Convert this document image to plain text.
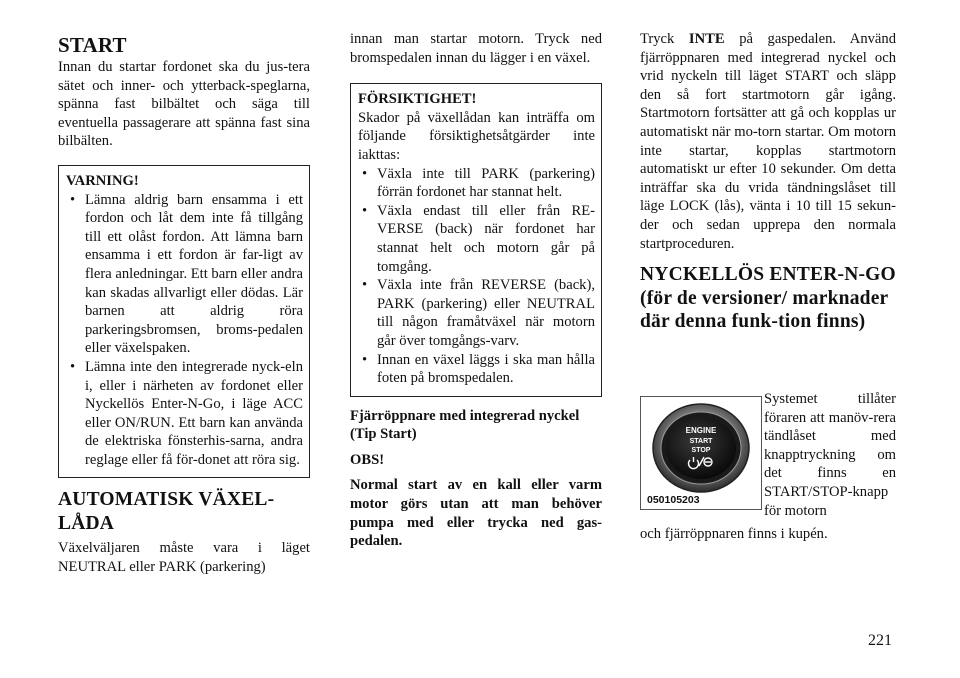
START

Innan du startar fordonet ska du jus-tera sätet och inner- och ytterback-speglarna, spänna fast bilbältet och säga till eventuella passagerare att spänna fast sina bilbälten.

VARNING!
• Lämna aldrig barn ensamma i ett fordon och låt dem inte få tillgång till ett olåst fordon. Att lämna barn ensamma i ett fordon är far-ligt av flera anledningar. Ett barn eller andra kan skadas allvarligt eller dödas. Lär barnen att aldrig röra parkeringsbromsen, broms-pedalen eller växelspaken.
• Lämna inte den integrerade nyck-eln i, eller i närheten av fordonet eller Nyckellös Enter-N-Go, i läge ACC eller ON/RUN. Ett barn kan använda de elektriska fönsterhis-sarna, andra reglage eller få för-donet att röra sig.
AUTOMATISK VÄXEL-
LÅDA

Växelväljaren måste vara i läget NEUTRAL eller PARK (parkering)

innan man startar motorn. Tryck ned bromspedalen innan du lägger i en växel.

FÖRSIKTIGHET!

Skador på växellådan kan inträffa om följande försiktighetsåtgärder inte iakttas:

• Växla inte till PARK (parkering) förrän fordonet har stannat helt.
• Växla endast till eller från RE-VERSE (back) när fordonet har stannat helt och motorn går på tomgång.
• Växla inte från REVERSE (back), PARK (parkering) eller NEUTRAL till någon framåtväxel när motorn går över tomgångs-varv.
• Innan en växel läggs i ska man hålla foten på bromspedalen.

Fjärröppnare med integrerad nyckel (Tip Start)

OBS!

Normal start av en kall eller varm motor görs utan att man behöver pumpa med eller trycka ned gas-pedalen.

Tryck INTE på gaspedalen. Använd fjärröppnaren med integrerad nyckel och vrid nyckeln till läget START och släpp den så fort startmotorn går igång. Startmotorn fortsätter att gå och kopplas ur automatiskt när mo-torn startar. Om motorn inte startar, kopplas startmotorn automatiskt ur efter 10 sekunder. Om detta inträffar ska du vrida tändningslåset till läge LOCK (lås), vänta i 10 till 15 sekun-der och sedan upprepa den normala startproceduren.

NYCKELLÖS ENTER-N-GO (för de versioner/ marknader där denna funk-tion finns)
ENGINE
START
STOP
050105203

Systemet tillåter föraren att manöv-rera tändlåset med knapptryckning om det finns en START/STOP-knapp för motorn

och fjärröppnaren finns i kupén.

221
